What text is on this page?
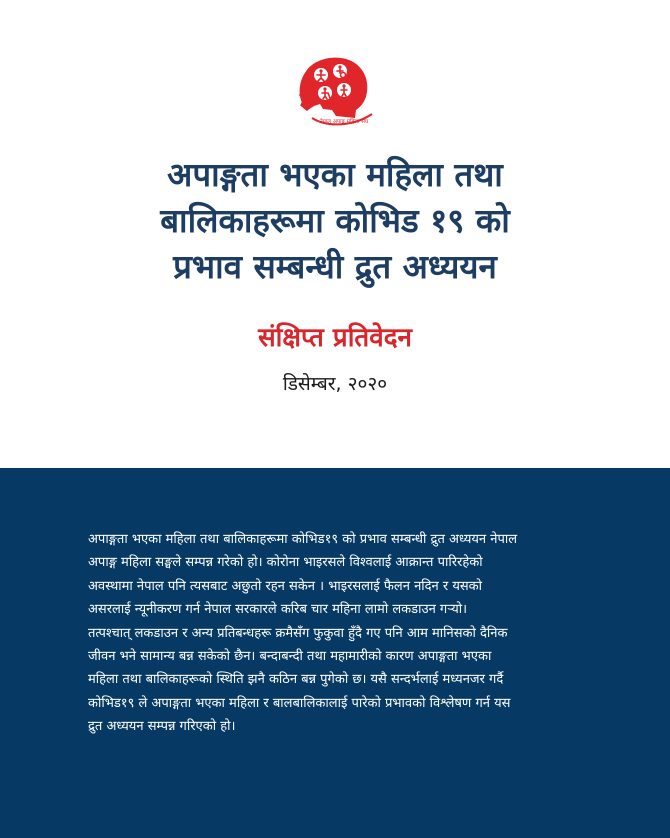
नेपाल अपाङ्ग महिला संघ
अपाङ्गता भएका महिला तथा
बालिकाहरूमा कोभिड १९ को
प्रभाव सम्बन्धी द्रुत अध्ययन
संक्षिप्त प्रतिवेदन
डिसेम्बर, २०२०

अपाङ्गता भएका महिला तथा बालिकाहरूमा कोभिड१९ को प्रभाव सम्बन्धी द्रुत अध्ययन नेपाल
अपाङ्ग महिला सङ्घले सम्पन्न गरेको हो। कोरोना भाइरसले विश्वलाई आक्रान्त पारिरहेको
अवस्थामा नेपाल पनि त्यसबाट अछुतो रहन सकेन । भाइरसलाई फैलन नदिन र यसको
असरलाई न्यूनीकरण गर्न नेपाल सरकारले करिब चार महिना लामो लकडाउन गऱ्यो।
तत्पश्चात् लकडाउन र अन्य प्रतिबन्धहरू क्रमैसँग फुकुवा हुँदै गए पनि आम मानिसको दैनिक
जीवन भने सामान्य बन्न सकेको छैन। बन्दाबन्दी तथा महामारीको कारण अपाङ्गता भएका
महिला तथा बालिकाहरूको स्थिति झनै कठिन बन्न पुगेको छ। यसै सन्दर्भलाई मध्यनजर गर्दै
कोभिड१९ ले अपाङ्गता भएका महिला र बालबालिकालाई पारेको प्रभावको विश्लेषण गर्न यस
द्रुत अध्ययन सम्पन्न गरिएको हो।
